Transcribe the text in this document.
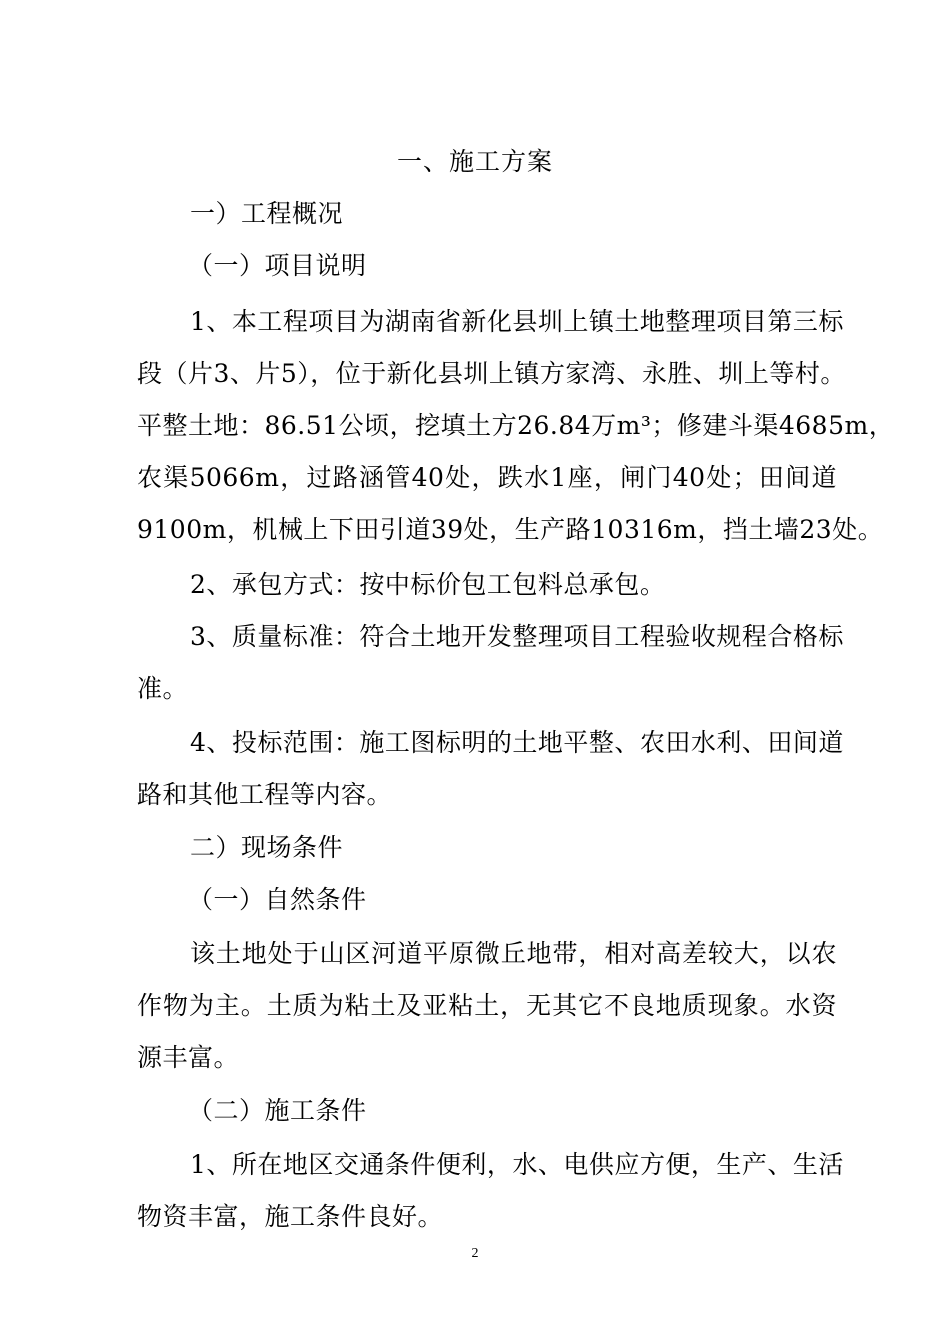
一、施工方案
一）工程概况
（一）项目说明
1、本工程项目为湖南省新化县圳上镇土地整理项目第三标
段（片3、片5），位于新化县圳上镇方家湾、永胜、圳上等村。
平整土地：86.51公顷，挖填土方26.84万m³；修建斗渠4685m，
农渠5066m，过路涵管40处，跌水1座，闸门40处；田间道
9100m，机械上下田引道39处，生产路10316m，挡土墙23处。
2、承包方式：按中标价包工包料总承包。
3、质量标准：符合土地开发整理项目工程验收规程合格标
准。
4、投标范围：施工图标明的土地平整、农田水利、田间道
路和其他工程等内容。
二）现场条件
（一）自然条件
该土地处于山区河道平原微丘地带，相对高差较大，以农
作物为主。土质为粘土及亚粘土，无其它不良地质现象。水资
源丰富。
（二）施工条件
1、所在地区交通条件便利，水、电供应方便，生产、生活
物资丰富，施工条件良好。
2
